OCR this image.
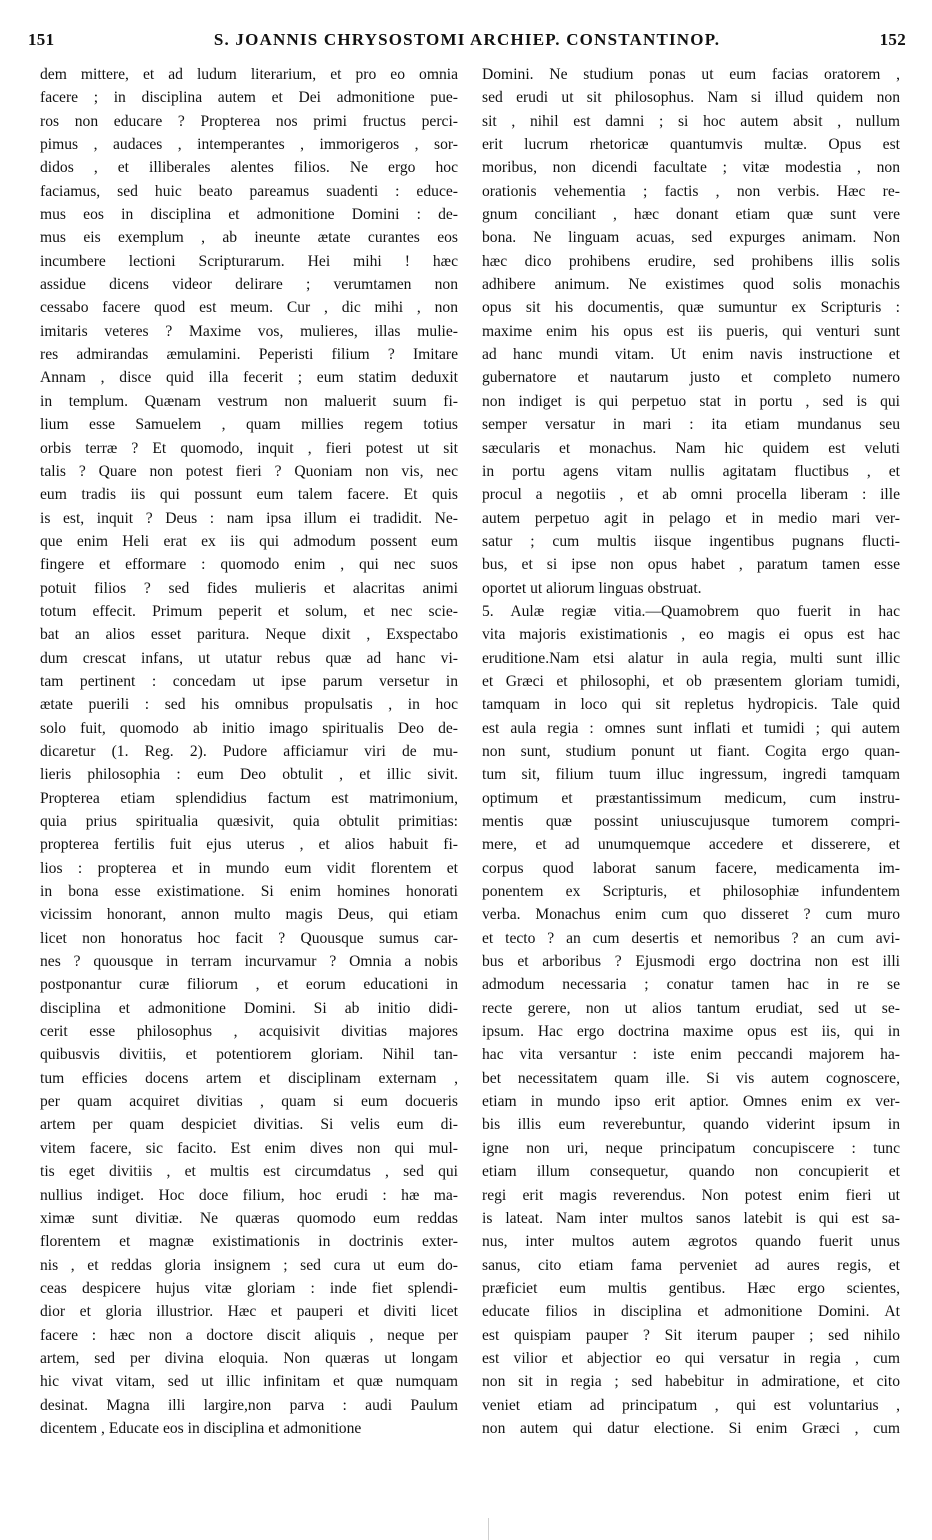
151	S. JOANNIS CHRYSOSTOMI ARCHIEP. CONSTANTINOP.	152
dem mittere, et ad ludum literarium, et pro eo omnia
facere ; in disciplina autem et Dei admonitione pue-
ros non educare ? Propterea nos primi fructus perci-
pimus , audaces , intemperantes , immorigeros , sor-
didos , et illiberales alentes filios. Ne ergo hoc
faciamus, sed huic beato pareamus suadenti : educe-
mus eos in disciplina et admonitione Domini : de-
mus eis exemplum , ab ineunte ætate curantes eos
incumbere lectioni Scripturarum. Hei mihi ! hæc
assidue dicens videor delirare ; verumtamen non
cessabo facere quod est meum. Cur , dic mihi , non
imitaris veteres ? Maxime vos, mulieres, illas mulie-
res admirandas æmulamini. Peperisti filium ? Imitare
Annam , disce quid illa fecerit ; eum statim deduxit
in templum. Quænam vestrum non maluerit suum fi-
lium esse Samuelem , quam millies regem totius
orbis terræ ? Et quomodo, inquit , fieri potest ut sit
talis ? Quare non potest fieri ? Quoniam non vis, nec
eum tradis iis qui possunt eum talem facere. Et quis
is est, inquit ? Deus : nam ipsa illum ei tradidit. Ne-
que enim Heli erat ex iis qui admodum possent eum
fingere et efformare : quomodo enim , qui nec suos
potuit filios ? sed fides mulieris et alacritas animi
totum effecit. Primum peperit et solum, et nec scie-
bat an alios esset paritura. Neque dixit , Exspectabo
dum crescat infans, ut utatur rebus quæ ad hanc vi-
tam pertinent : concedam ut ipse parum versetur in
ætate puerili : sed his omnibus propulsatis , in hoc
solo fuit, quomodo ab initio imago spiritualis Deo de-
dicaretur (1. Reg. 2). Pudore afficiamur viri de mu-
lieris philosophia : eum Deo obtulit , et illic sivit.
Propterea etiam splendidius factum est matrimonium,
quia prius spiritualia quæsivit, quia obtulit primitias:
propterea fertilis fuit ejus uterus , et alios habuit fi-
lios : propterea et in mundo eum vidit florentem et
in bona esse existimatione. Si enim homines honorati
vicissim honorant, annon multo magis Deus, qui etiam
licet non honoratus hoc facit ? Quousque sumus car-
nes ? quousque in terram incurvamur ? Omnia a nobis
postponantur curæ filiorum , et eorum educationi in
disciplina et admonitione Domini. Si ab initio didi-
cerit esse philosophus , acquisivit divitias majores
quibusvis divitiis, et potentiorem gloriam. Nihil tan-
tum efficies docens artem et disciplinam externam ,
per quam acquiret divitias , quam si eum docueris
artem per quam despiciet divitias. Si velis eum di-
vitem facere, sic facito. Est enim dives non qui mul-
tis eget divitiis , et multis est circumdatus , sed qui
nullius indiget. Hoc doce filium, hoc erudi : hæ ma-
ximæ sunt divitiæ. Ne quæras quomodo eum reddas
florentem et magnæ existimationis in doctrinis exter-
nis , et reddas gloria insignem ; sed cura ut eum do-
ceas despicere hujus vitæ gloriam : inde fiet splendi-
dior et gloria illustrior. Hæc et pauperi et diviti licet
facere : hæc non a doctore discit aliquis , neque per
artem, sed per divina eloquia. Non quæras ut longam
hic vivat vitam, sed ut illic infinitam et quæ numquam
desinat. Magna illi largire,non parva : audi Paulum
dicentem , Educate eos in disciplina et admonitione
Domini. Ne studium ponas ut eum facias oratorem ,
sed erudi ut sit philosophus. Nam si illud quidem non
sit , nihil est damni ; si hoc autem absit , nullum
erit lucrum rhetoricæ quantumvis multæ. Opus est
moribus, non dicendi facultate ; vitæ modestia , non
orationis vehementia ; factis , non verbis. Hæc re-
gnum conciliant , hæc donant etiam quæ sunt vere
bona. Ne linguam acuas, sed expurges animam. Non
hæc dico prohibens erudire, sed prohibens illis solis
adhibere animum. Ne existimes quod solis monachis
opus sit his documentis, quæ sumuntur ex Scripturis :
maxime enim his opus est iis pueris, qui venturi sunt
ad hanc mundi vitam. Ut enim navis instructione et
gubernatore et nautarum justo et completo numero
non indiget is qui perpetuo stat in portu , sed is qui
semper versatur in mari : ita etiam mundanus seu
sæcularis et monachus. Nam hic quidem est veluti
in portu agens vitam nullis agitatam fluctibus , et
procul a negotiis , et ab omni procella liberam : ille
autem perpetuo agit in pelago et in medio mari ver-
satur ; cum multis iisque ingentibus pugnans flucti-
bus, et si ipse non opus habet , paratum tamen esse
oportet ut aliorum linguas obstruat.
5. Aulæ regiæ vitia.—Quamobrem quo fuerit in hac
vita majoris existimationis , eo magis ei opus est hac
eruditione.Nam etsi alatur in aula regia, multi sunt illic
et Græci et philosophi, et ob præsentem gloriam tumidi,
tamquam in loco qui sit repletus hydropicis. Tale quid
est aula regia : omnes sunt inflati et tumidi ; qui autem
non sunt, studium ponunt ut fiant. Cogita ergo quan-
tum sit, filium tuum illuc ingressum, ingredi tamquam
optimum et præstantissimum medicum, cum instru-
mentis quæ possint uniuscujusque tumorem compri-
mere, et ad unumquemque accedere et disserere, et
corpus quod laborat sanum facere, medicamenta im-
ponentem ex Scripturis, et philosophiæ infundentem
verba. Monachus enim cum quo disseret ? cum muro
et tecto ? an cum desertis et nemoribus ? an cum avi-
bus et arboribus ? Ejusmodi ergo doctrina non est illi
admodum necessaria ; conatur tamen hac in re se
recte gerere, non ut alios tantum erudiat, sed ut se-
ipsum. Hac ergo doctrina maxime opus est iis, qui in
hac vita versantur : iste enim peccandi majorem ha-
bet necessitatem quam ille. Si vis autem cognoscere,
etiam in mundo ipso erit aptior. Omnes enim ex ver-
bis illis eum reverebuntur, quando viderint ipsum in
igne non uri, neque principatum concupiscere : tunc
etiam illum consequetur, quando non concupierit et
regi erit magis reverendus. Non potest enim fieri ut
is lateat. Nam inter multos sanos latebit is qui est sa-
nus, inter multos autem ægrotos quando fuerit unus
sanus, cito etiam fama perveniet ad aures regis, et
præficiet eum multis gentibus. Hæc ergo scientes,
educate filios in disciplina et admonitione Domini. At
est quispiam pauper ? Sit iterum pauper ; sed nihilo
est vilior et abjectior eo qui versatur in regia , cum
non sit in regia ; sed habebitur in admiratione, et cito
veniet etiam ad principatum , qui est voluntarius ,
non autem qui datur electione. Si enim Græci , cum
